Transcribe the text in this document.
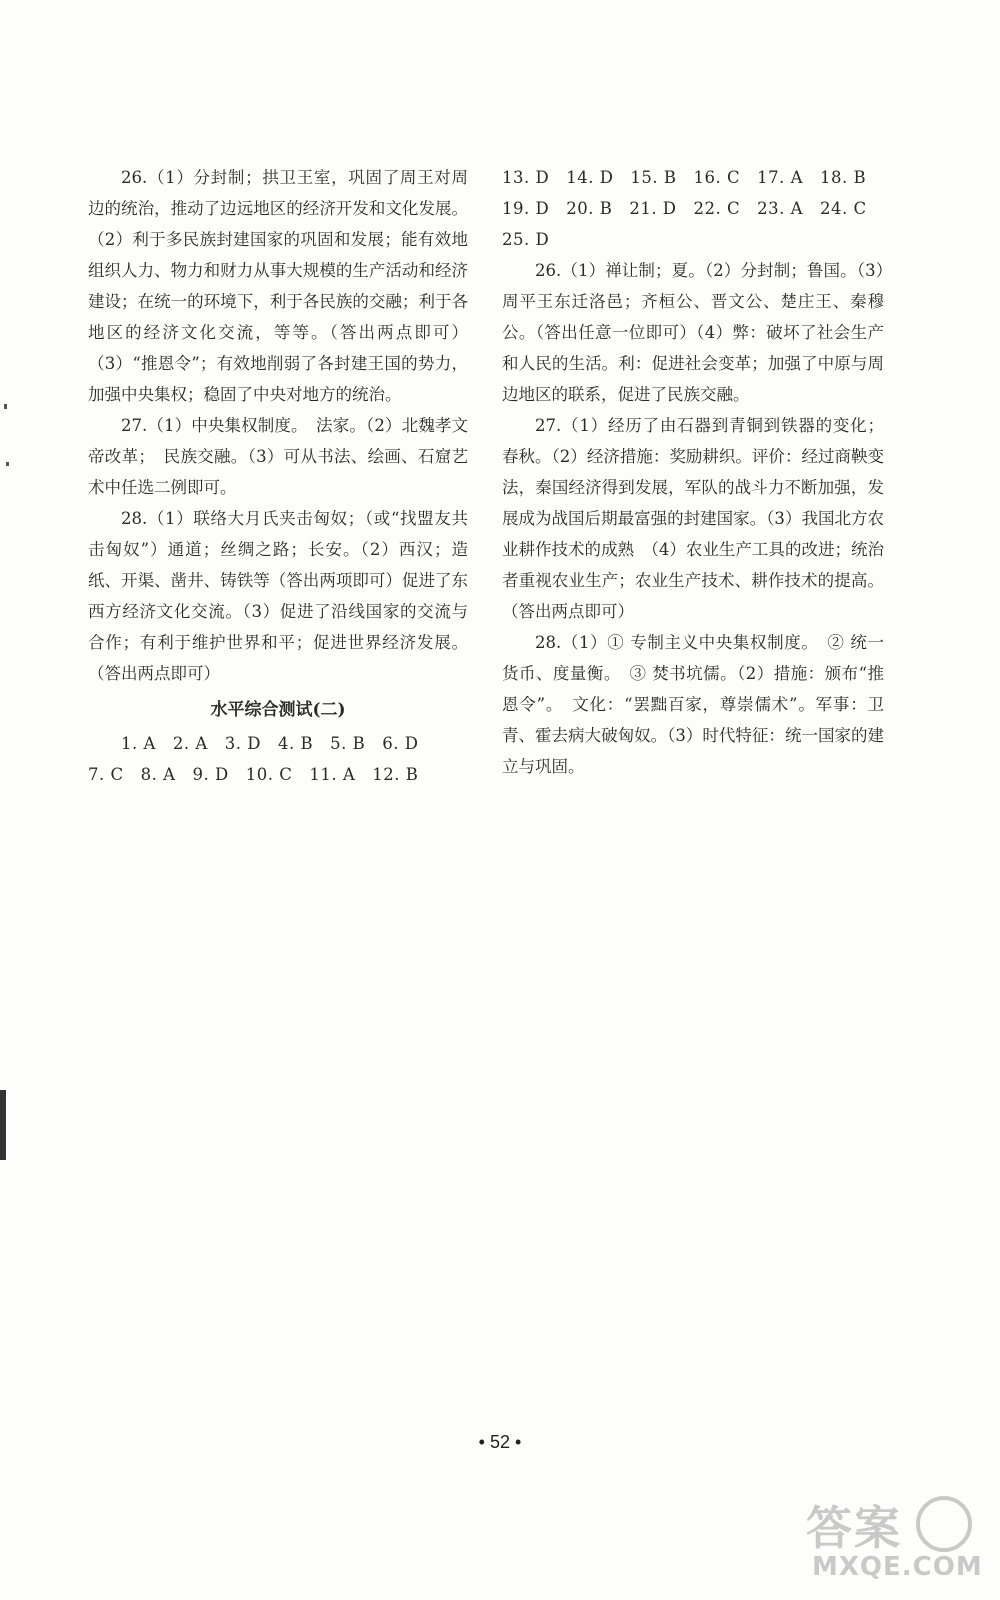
26.（1）分封制；拱卫王室，巩固了周王对周边的统治，推动了边远地区的经济开发和文化发展。（2）利于多民族封建国家的巩固和发展；能有效地组织人力、物力和财力从事大规模的生产活动和经济建设；在统一的环境下，利于各民族的交融；利于各地区的经济文化交流，等等。（答出两点即可）（3）“推恩令”；有效地削弱了各封建王国的势力，加强中央集权；稳固了中央对地方的统治。

27.（1）中央集权制度。　法家。（2）北魏孝文帝改革；　民族交融。（3）可从书法、绘画、石窟艺术中任选二例即可。

28.（1）联络大月氏夹击匈奴；（或“找盟友共击匈奴”）通道；丝绸之路；长安。（2）西汉；造纸、开渠、凿井、铸铁等（答出两项即可）促进了东西方经济文化交流。（3）促进了沿线国家的交流与合作；有利于维护世界和平；促进世界经济发展。（答出两点即可）

水平综合测试(二)

1. A　2. A　3. D　4. B　5. B　6. D

7. C　8. A　9. D　10. C　11. A　12. B

13. D　14. D　15. B　16. C　17. A　18. B

19. D　20. B　21. D　22. C　23. A　24. C

25. D

26.（1）禅让制；夏。（2）分封制；鲁国。（3）周平王东迁洛邑；齐桓公、晋文公、楚庄王、秦穆公。（答出任意一位即可）（4）弊：破坏了社会生产和人民的生活。利：促进社会变革；加强了中原与周边地区的联系，促进了民族交融。

27.（1）经历了由石器到青铜到铁器的变化；春秋。（2）经济措施：奖励耕织。评价：经过商鞅变法，秦国经济得到发展，军队的战斗力不断加强，发展成为战国后期最富强的封建国家。（3）我国北方农业耕作技术的成熟　（4）农业生产工具的改进；统治者重视农业生产；农业生产技术、耕作技术的提高。（答出两点即可）

28.（1）① 专制主义中央集权制度。　② 统一货币、度量衡。　③ 焚书坑儒。（2）措施：颁布“推恩令”。　文化：“罢黜百家，尊崇儒术”。军事：卫青、霍去病大破匈奴。（3）时代特征：统一国家的建立与巩固。

• 52 •
答案
MXQE.COM
